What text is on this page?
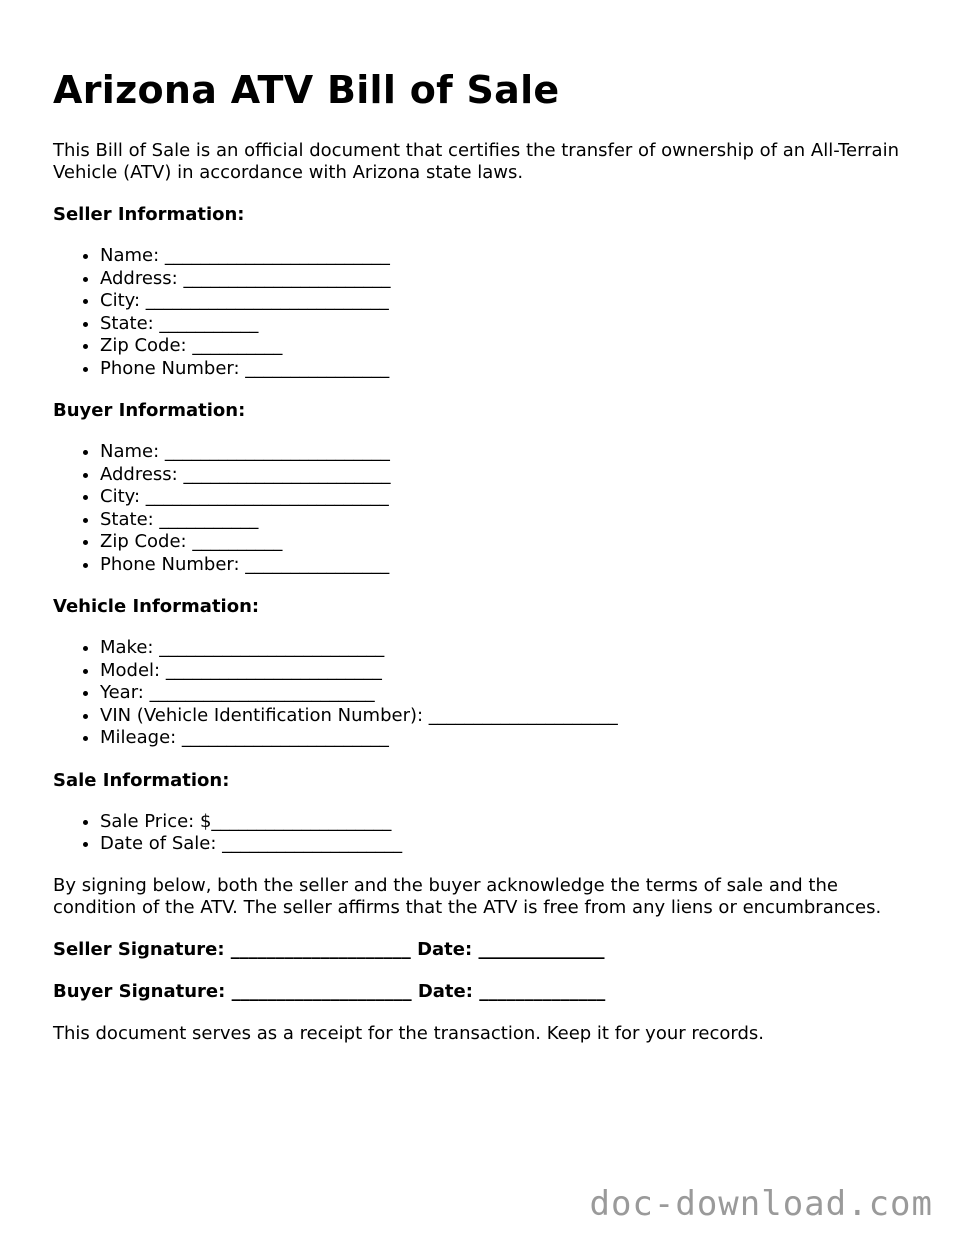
Arizona ATV Bill of Sale

This Bill of Sale is an official document that certifies the transfer of ownership of an All-Terrain Vehicle (ATV) in accordance with Arizona state laws.

Seller Information:
• Name: _________________________
• Address: _______________________
• City: ___________________________
• State: ___________
• Zip Code: __________
• Phone Number: ________________
Buyer Information:
• Name: _________________________
• Address: _______________________
• City: ___________________________
• State: ___________
• Zip Code: __________
• Phone Number: ________________
Vehicle Information:
• Make: _________________________
• Model: ________________________
• Year: _________________________
• VIN (Vehicle Identification Number): _____________________
• Mileage: _______________________
Sale Information:
• Sale Price: $____________________
• Date of Sale: ____________________

By signing below, both the seller and the buyer acknowledge the terms of sale and the condition of the ATV. The seller affirms that the ATV is free from any liens or encumbrances.

Seller Signature: ____________________ Date: ______________
Buyer Signature: ____________________ Date: ______________

This document serves as a receipt for the transaction. Keep it for your records.

doc-download.com
